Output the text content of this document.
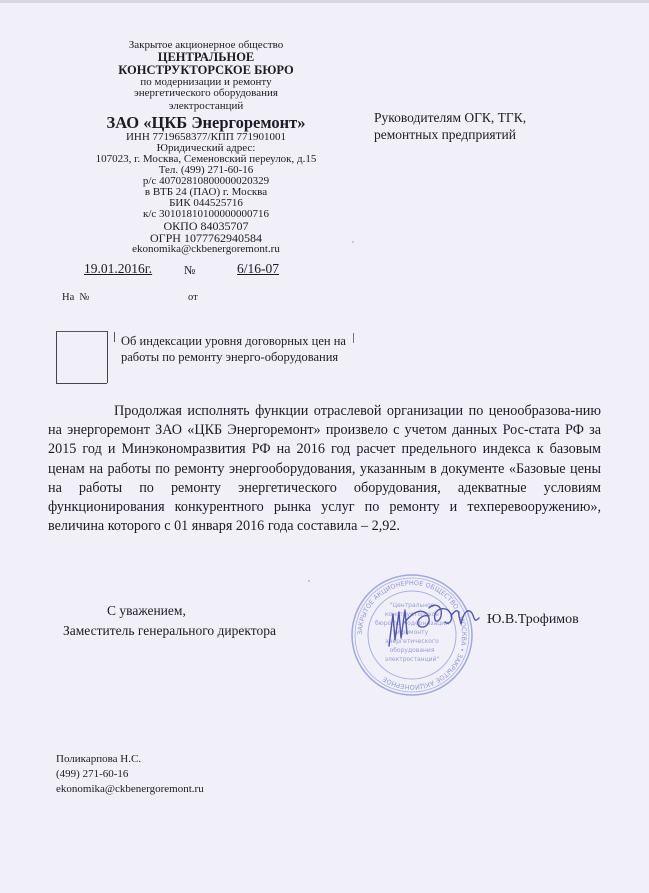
Закрытое акционерное общество
ЦЕНТРАЛЬНОЕ
КОНСТРУКТОРСКОЕ БЮРО
по модернизации и ремонту
энергетического оборудования
электростанций
ЗАО «ЦКБ Энергоремонт»
ИНН 7719658377/КПП 771901001
Юридический адрес:
107023, г. Москва, Семеновский переулок, д.15
Тел. (499) 271-60-16
р/с 40702810800000020329
в ВТБ 24 (ПАО) г. Москва
БИК 044525716
к/с 30101810100000000716
ОКПО 84035707
ОГРН 1077762940584
ekonomika@ckbenergoremont.ru
19.01.2016г.	№	6/16-07
На  №	от
Руководителям ОГК, ТГК,
ремонтных предприятий
Об индексации уровня договорных цен на работы по ремонту энерго-оборудования
Продолжая исполнять функции отраслевой организации по ценообразова-нию на энергоремонт ЗАО «ЦКБ Энергоремонт» произвело с учетом данных Рос-стата РФ за 2015 год и Минэкономразвития РФ на 2016 год расчет предельного индекса к базовым ценам на работы по ремонту энергооборудования, указанным в документе «Базовые цены на работы по ремонту энергетического оборудования, адекватные условиям функционирования конкурентного рынка услуг по ремонту и техперевооружению», величина которого с 01 января 2016 года составила – 2,92.
С уважением,
Заместитель генерального директора	ЗАКРЫТОЕ АКЦИОНЕРНОЕ ОБЩЕСТВО • МОСКВА • ЗАКРЫТОЕ АКЦИОНЕРНОЕ
"Центральное
конструкторское
бюро по модернизации
и ремонту
энергетического
оборудования
электростанций"
Ю.В.Трофимов
Поликарпова Н.С.
(499) 271-60-16
ekonomika@ckbenergoremont.ru
